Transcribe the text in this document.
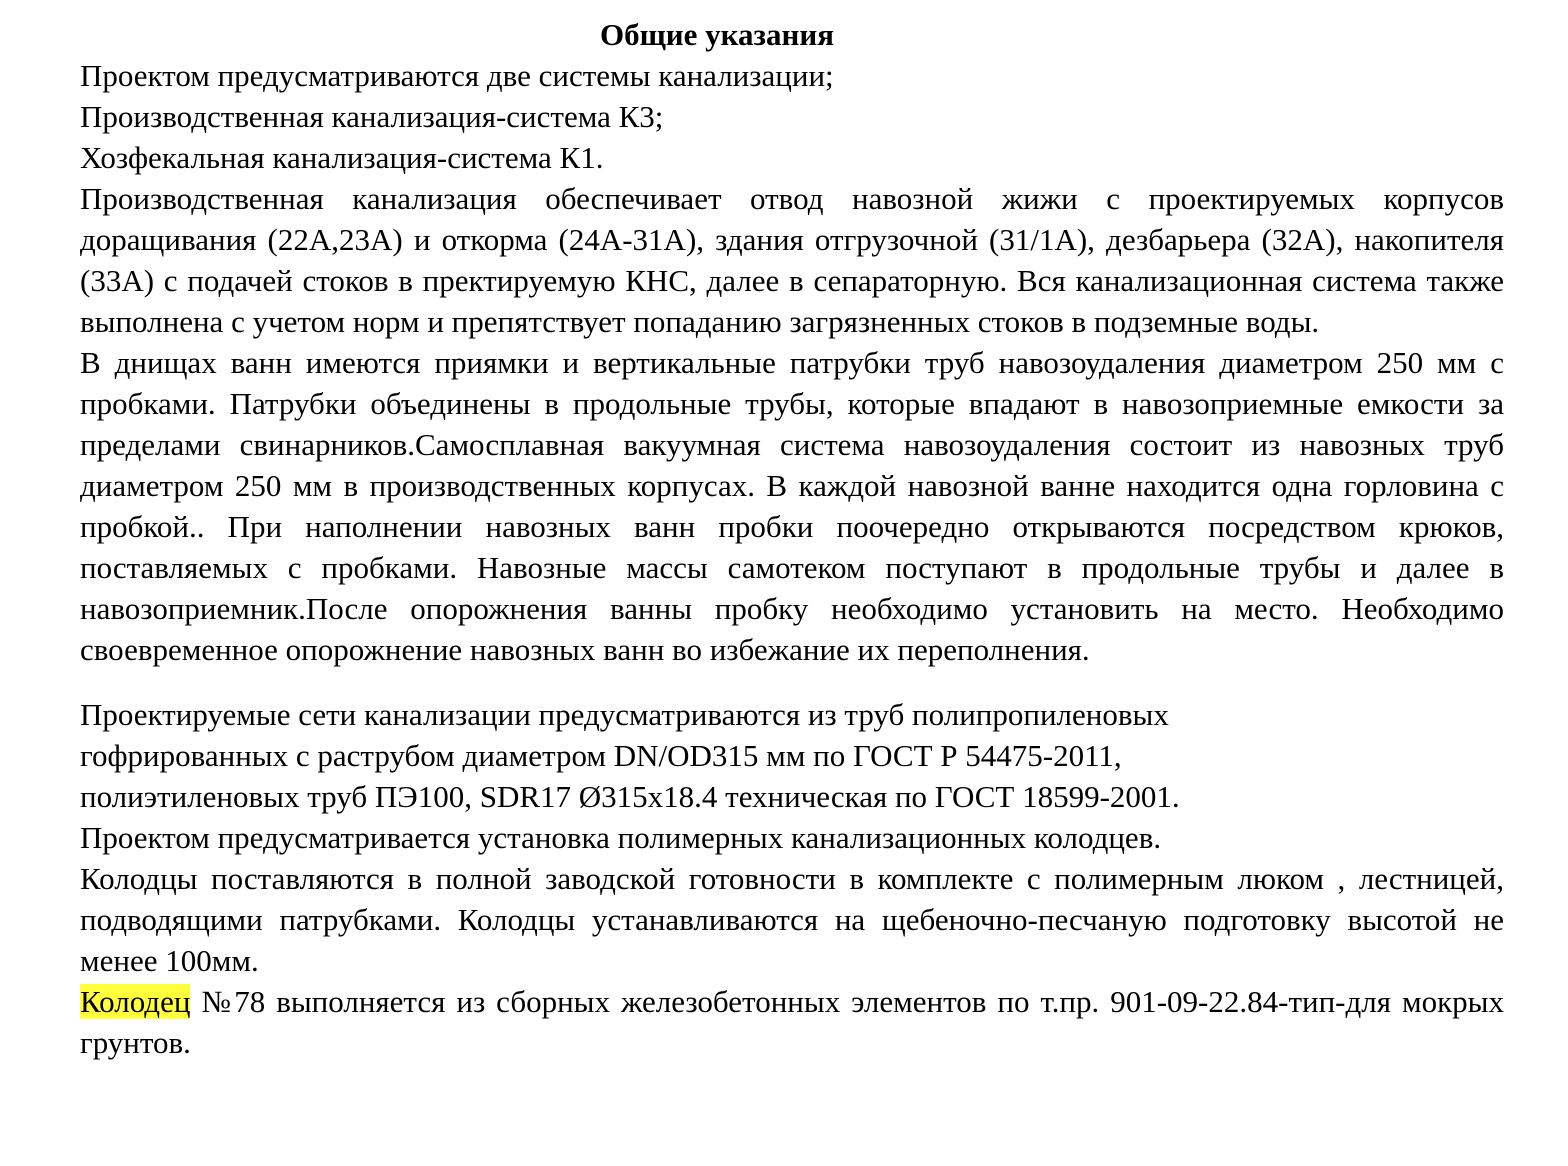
Общие указания
Проектом предусматриваются две системы канализации;
Производственная канализация-система К3;
Хозфекальная канализация-система К1.
Производственная канализация обеспечивает отвод навозной жижи с проектируемых корпусов доращивания (22А,23А) и откорма (24А-31А), здания отгрузочной (31/1А), дезбарьера (32А), накопителя (33А) с подачей стоков в пректируемую КНС, далее в сепараторную. Вся канализационная система также выполнена с учетом норм и препятствует попаданию загрязненных стоков в подземные воды.
В днищах ванн имеются приямки и вертикальные патрубки труб навозоудаления диаметром 250 мм с пробками. Патрубки объединены в продольные трубы, которые впадают в навозоприемные емкости за пределами свинарников.Самосплавная вакуумная система навозоудаления состоит из навозных труб диаметром 250 мм в производственных корпусах. В каждой навозной ванне находится одна горловина с пробкой.. При наполнении навозных ванн пробки поочередно открываются посредством крюков, поставляемых с пробками. Навозные массы самотеком поступают в продольные трубы и далее в навозоприемник.После опорожнения ванны пробку необходимо установить на место. Необходимо своевременное опорожнение навозных ванн во избежание их переполнения.
Проектируемые сети канализации предусматриваются из труб полипропиленовых
гофрированных с раструбом диаметром DN/OD315 мм по ГОСТ Р 54475-2011,
полиэтиленовых труб ПЭ100, SDR17 Ø315х18.4 техническая по ГОСТ 18599-2001.
Проектом предусматривается установка полимерных канализационных колодцев.
Колодцы поставляются в полной заводской готовности в комплекте с полимерным люком , лестницей, подводящими патрубками. Колодцы устанавливаются на щебеночно-песчаную подготовку высотой не менее 100мм.
Колодец №78 выполняется из сборных железобетонных элементов по т.пр. 901-09-22.84-тип-для мокрых грунтов.
